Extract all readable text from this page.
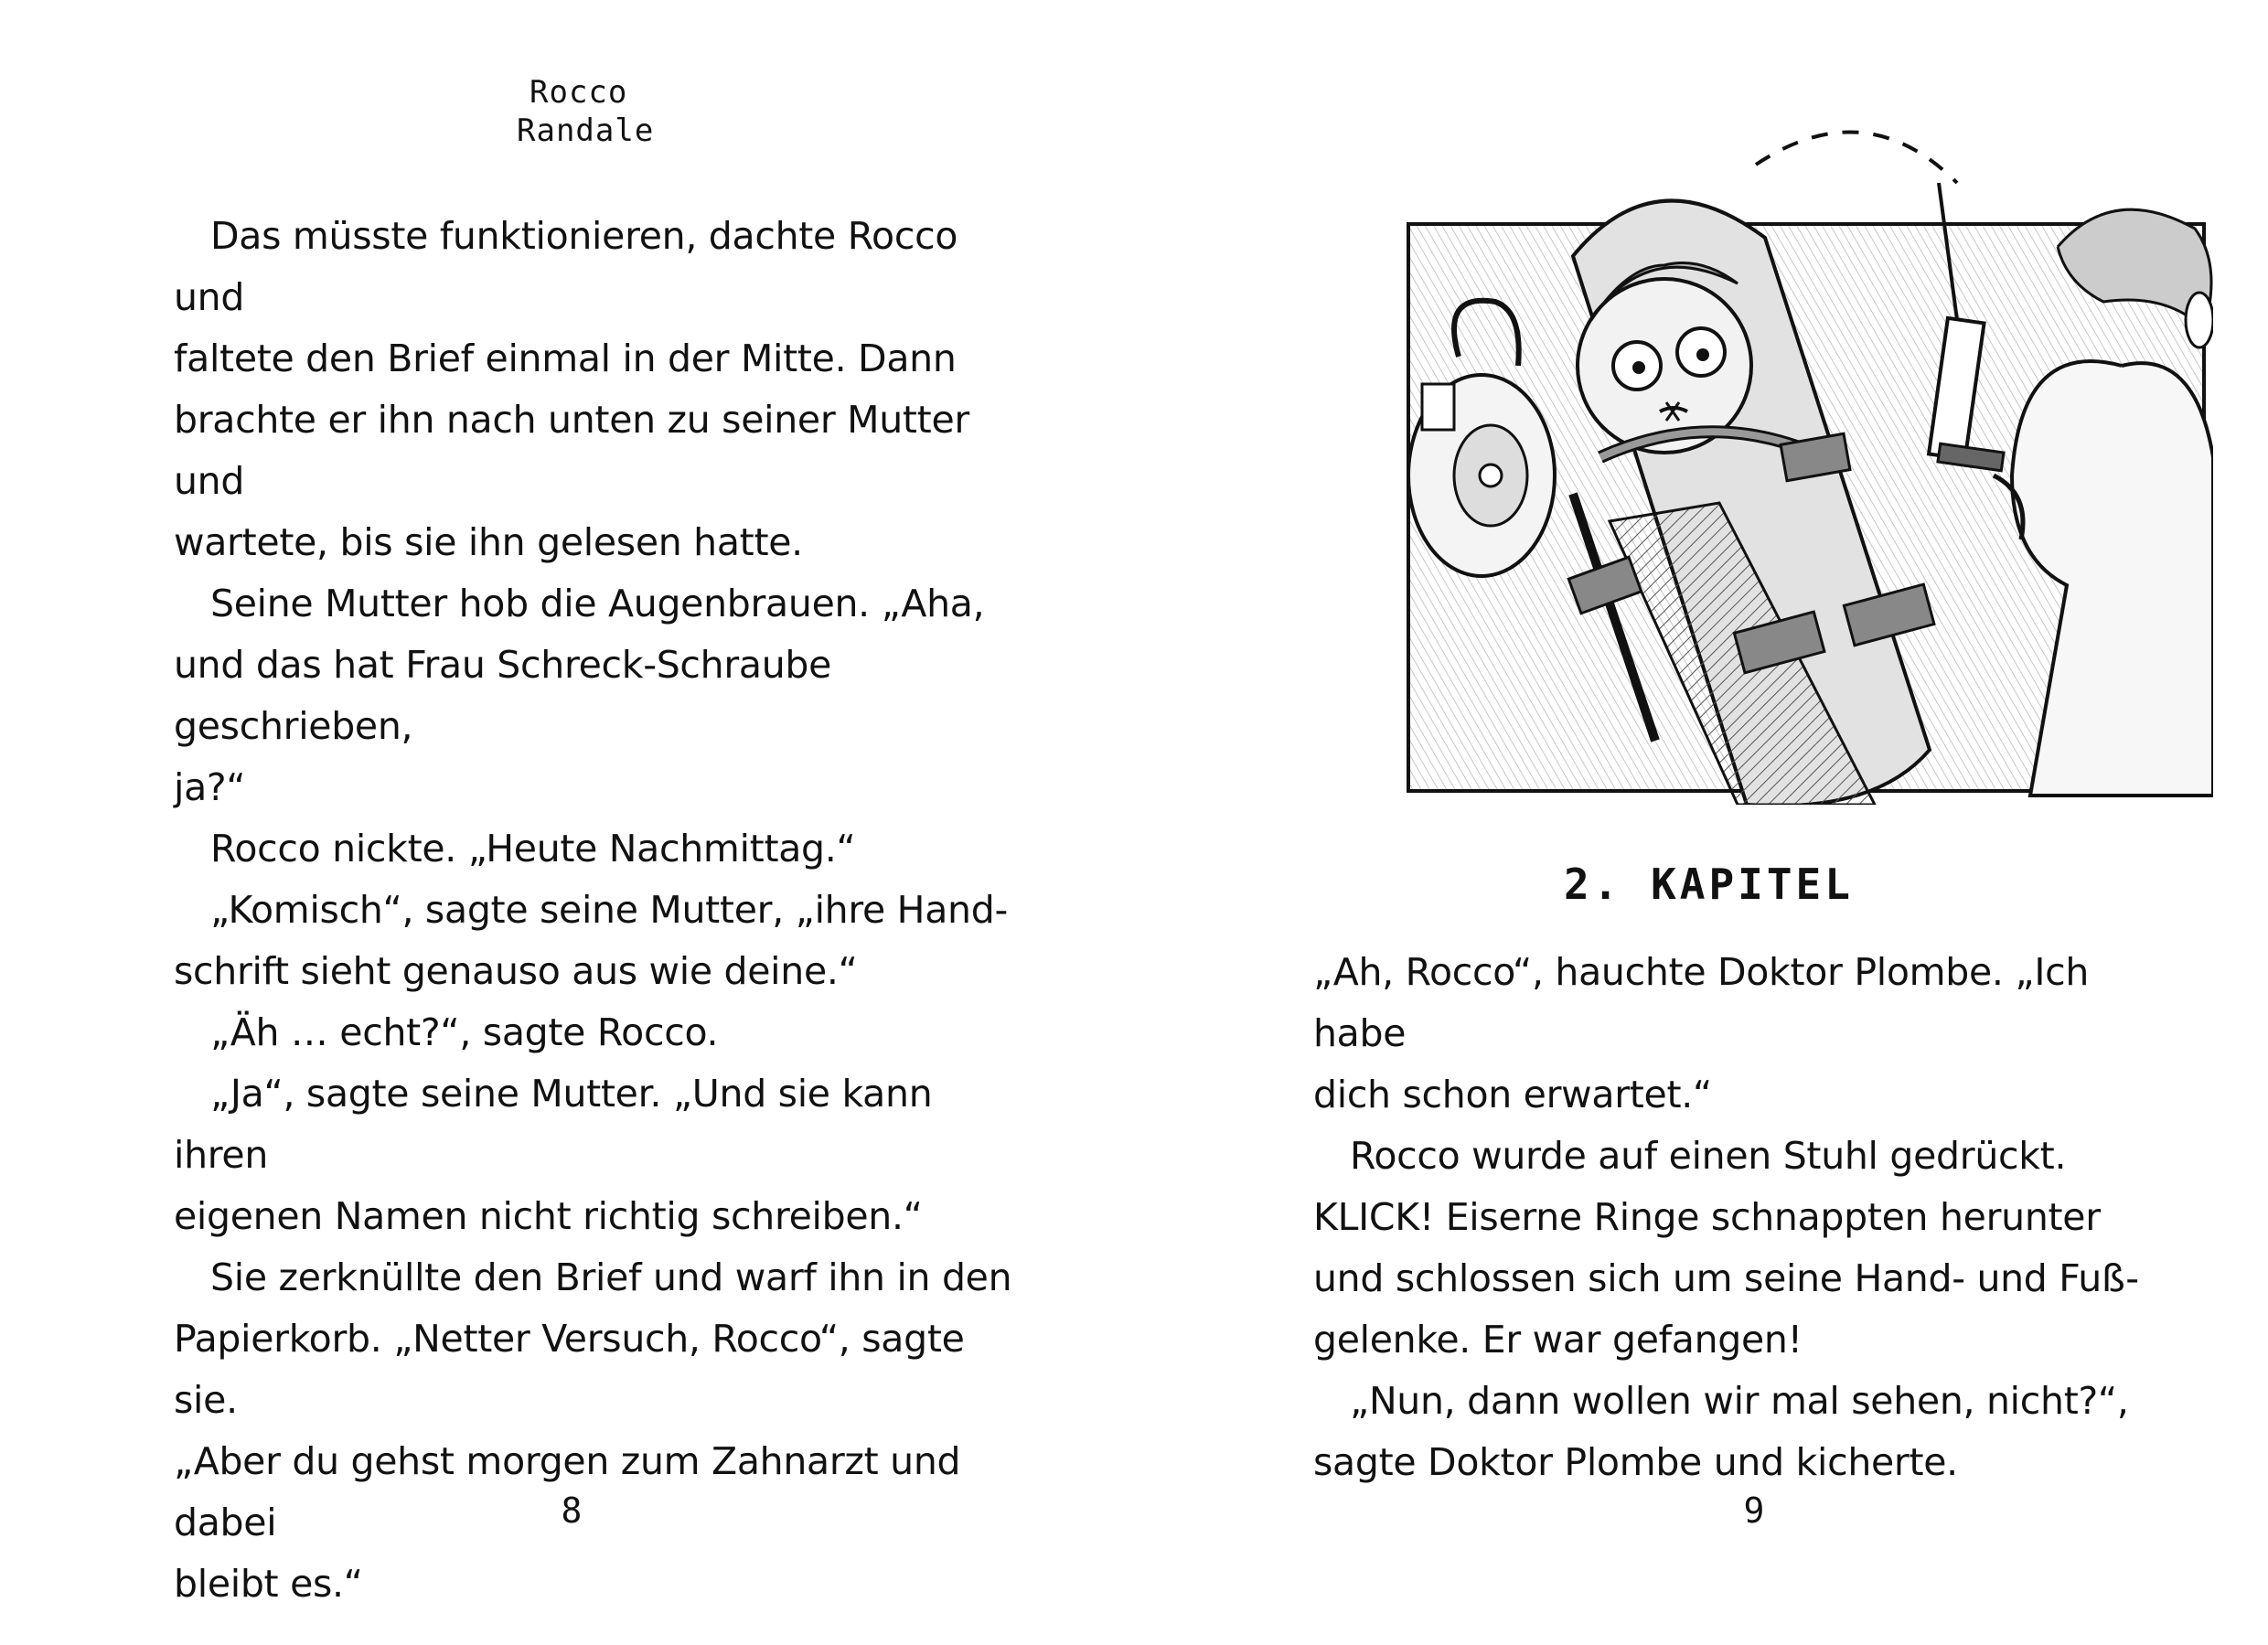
Rocco
Randale

Das müsste funktionieren, dachte Rocco und

faltete den Brief einmal in der Mitte. Dann

brachte er ihn nach unten zu seiner Mutter und

wartete, bis sie ihn gelesen hatte.

Seine Mutter hob die Augenbrauen. „Aha,

und das hat Frau Schreck-Schraube geschrieben,

ja?“

Rocco nickte. „Heute Nachmittag.“

„Komisch“, sagte seine Mutter, „ihre Hand-

schrift sieht genauso aus wie deine.“

„Äh … echt?“, sagte Rocco.

„Ja“, sagte seine Mutter. „Und sie kann ihren

eigenen Namen nicht richtig schreiben.“

Sie zerknüllte den Brief und warf ihn in den

Papierkorb. „Netter Versuch, Rocco“, sagte sie.

„Aber du gehst morgen zum Zahnarzt und dabei

bleibt es.“

8
2. KAPITEL

„Ah, Rocco“, hauchte Doktor Plombe. „Ich habe

dich schon erwartet.“

Rocco wurde auf einen Stuhl gedrückt.

KLICK! Eiserne Ringe schnappten herunter

und schlossen sich um seine Hand- und Fuß-

gelenke. Er war gefangen!

„Nun, dann wollen wir mal sehen, nicht?“,

sagte Doktor Plombe und kicherte.

9
